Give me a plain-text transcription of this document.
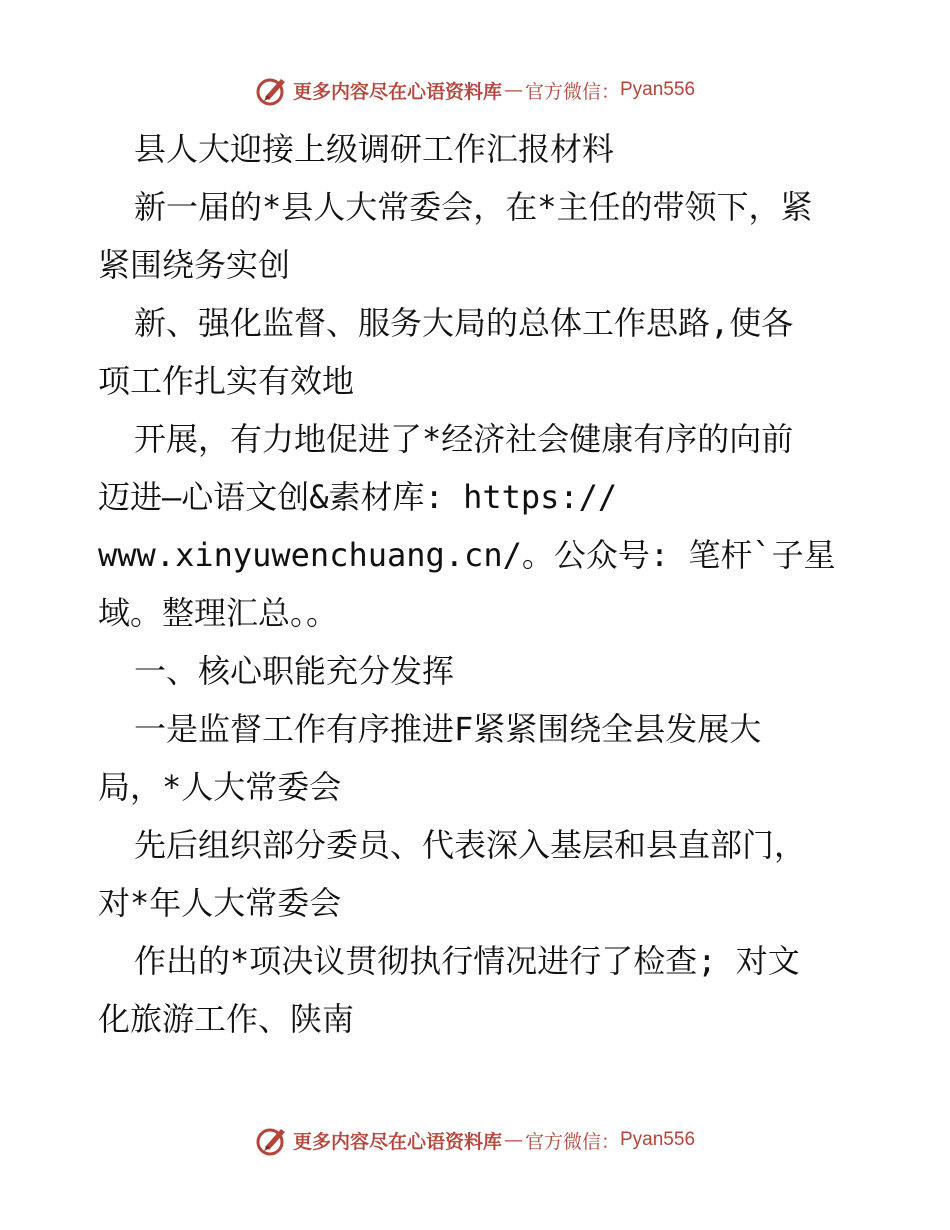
更多内容尽在心语资料库 — 官方微信： Pyan556
县人大迎接上级调研工作汇报材料
新一届的*县人大常委会，在*主任的带领下，紧
紧围绕务实创
新、强化监督、服务大局的总体工作思路,使各
项工作扎实有效地
开展，有力地促进了*经济社会健康有序的向前
迈进—心语文创&素材库: https://
www.xinyuwenchuang.cn/。公众号: 笔杆`子星
域。整理汇总。。
一、核心职能充分发挥
一是监督工作有序推进F紧紧围绕全县发展大
局，*人大常委会
先后组织部分委员、代表深入基层和县直部门，
对*年人大常委会
作出的*项决议贯彻执行情况进行了检查; 对文
化旅游工作、陕南
更多内容尽在心语资料库 — 官方微信： Pyan556
